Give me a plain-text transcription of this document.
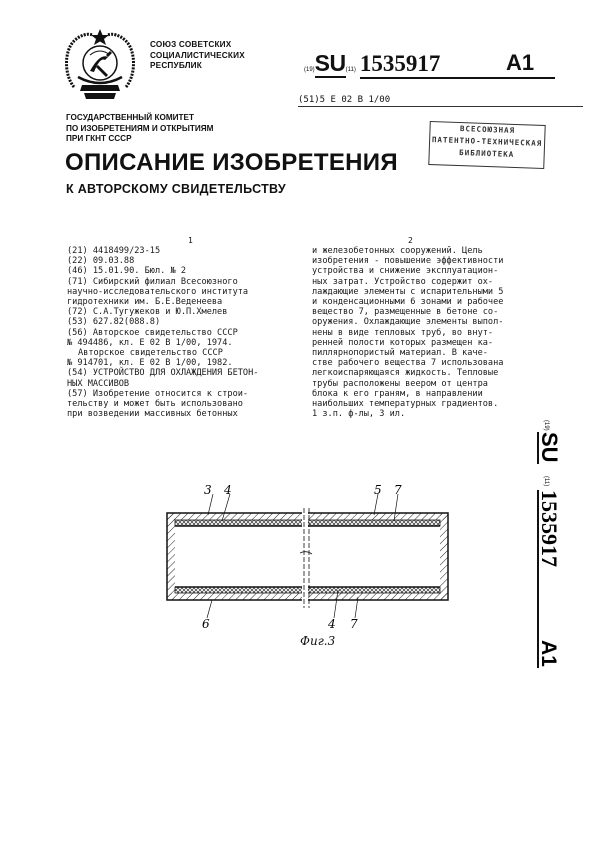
СОЮЗ СОВЕТСКИХ
СОЦИАЛИСТИЧЕСКИХ
РЕСПУБЛИК	(19)SU(11) 1535917	A1
(51)5 Е 02 В 1/00
ГОСУДАРСТВЕННЫЙ КОМИТЕТ
ПО ИЗОБРЕТЕНИЯМ И ОТКРЫТИЯМ
ПРИ ГКНТ СССР
ВСЕСОЮЗНАЯ
ПАТЕНТНО-ТЕХНИЧЕСКАЯ
БИБЛИОТЕКА
ОПИСАНИЕ ИЗОБРЕТЕНИЯ
К АВТОРСКОМУ СВИДЕТЕЛЬСТВУ
1	2
(21) 4418499/23-15
(22) 09.03.88
(46) 15.01.90. Бюл. № 2
(71) Сибирский филиал Всесоюзного
научно-исследовательского института
гидротехники им. Б.Е.Веденеева
(72) С.А.Тугужеков и Ю.П.Хмелев
(53) 627.82(088.8)
(56) Авторское свидетельство СССР
№ 494486, кл. Е 02 В 1/00, 1974.
Авторское свидетельство СССР
№ 914701, кл. Е 02 В 1/00, 1982.
(54) УСТРОЙСТВО ДЛЯ ОХЛАЖДЕНИЯ БЕТОН-
НЫХ МАССИВОВ
(57) Изобретение относится к строи-
тельству и может быть использовано
при возведении массивных бетонных
и железобетонных сооружений. Цель
изобретения - повышение эффективности
устройства и снижение эксплуатацион-
ных затрат. Устройство содержит ох-
лаждающие элементы с испарительными 5
и конденсационными 6 зонами и рабочее
вещество 7, размещенные в бетоне со-
оружения. Охлаждающие элементы выпол-
нены в виде тепловых труб, во внут-
ренней полости которых размещен ка-
пиллярнопористый материал. В каче-
стве рабочего вещества 7 использована
легкоиспаряющаяся жидкость. Тепловые
трубы расположены веером от центра
блока к его граням, в направлении
наибольших температурных градиентов.
1 з.п. ф-лы, 3 ил.
(19)
SU
(11)
1535917
A1
3 4	5 7
6	4 7
Фиг.3
